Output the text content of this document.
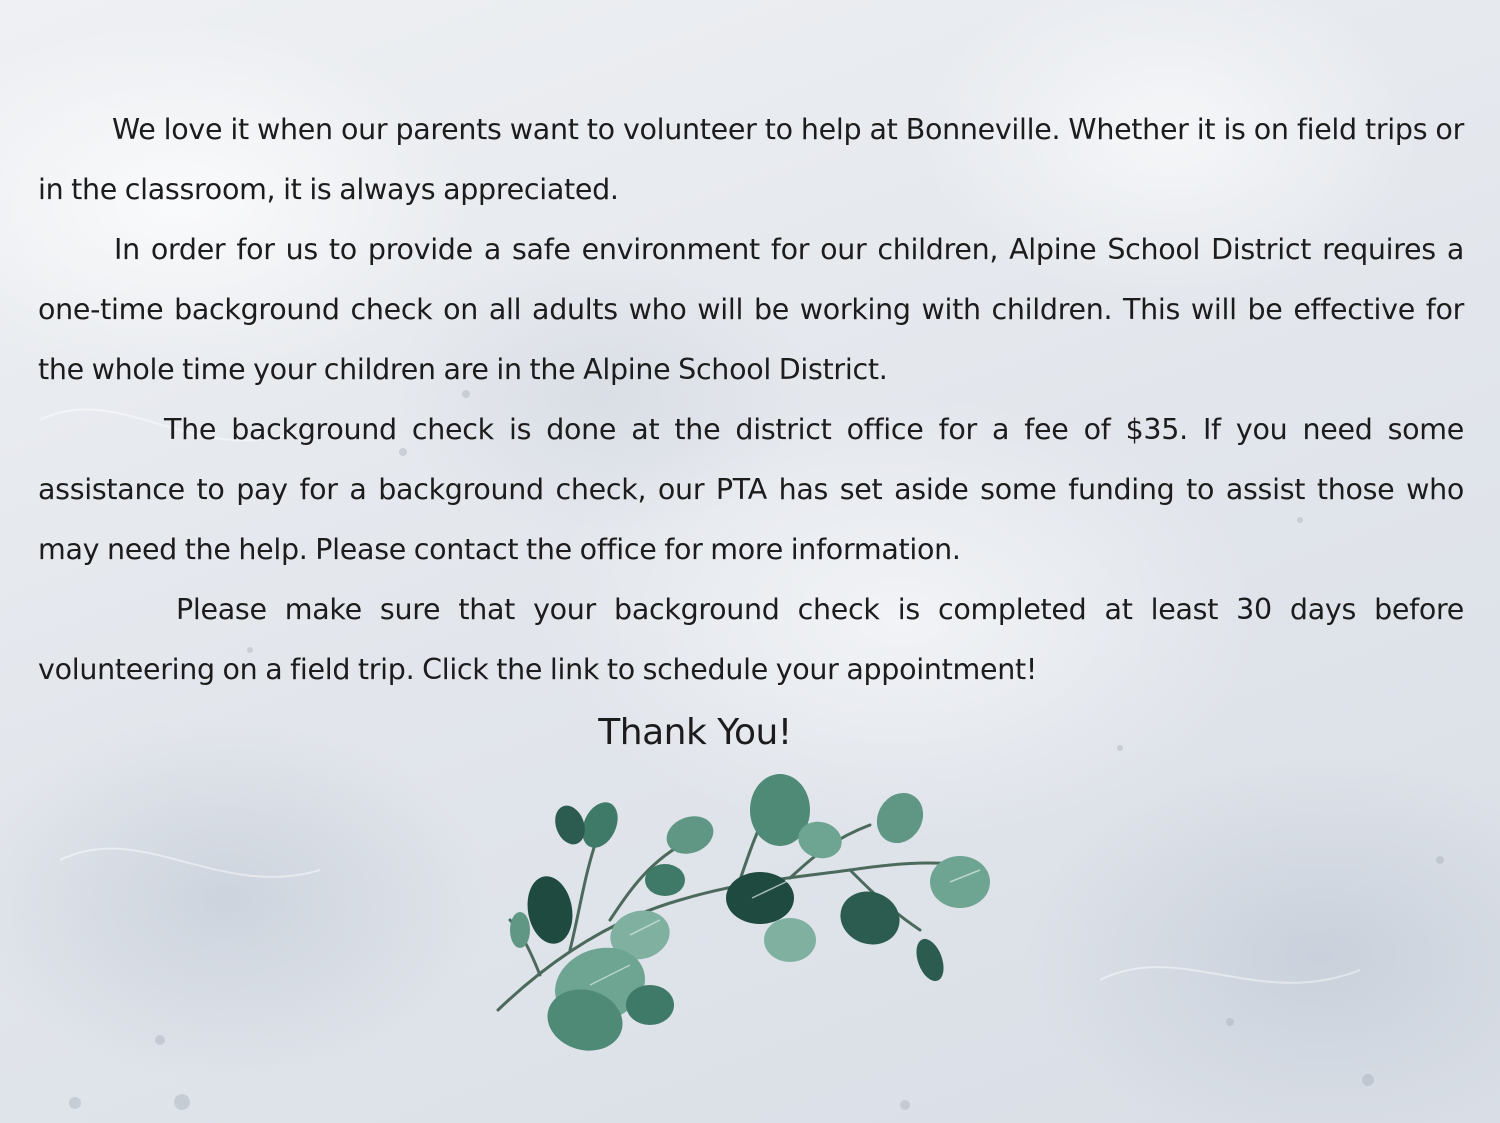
We love it when our parents want to volunteer to help at Bonneville. Whether it is on field trips or in the classroom, it is always appreciated.

In order for us to provide a safe environment for our children, Alpine School District requires a one-time background check on all adults who will be working with children. This will be effective for the whole time your children are in the Alpine School District.

The background check is done at the district office for a fee of $35. If you need some assistance to pay for a background check, our PTA has set aside some funding to assist those who may need the help. Please contact the office for more information.

Please make sure that your background check is completed at least 30 days before volunteering on a field trip. Click the link to schedule your appointment!

Thank You!
